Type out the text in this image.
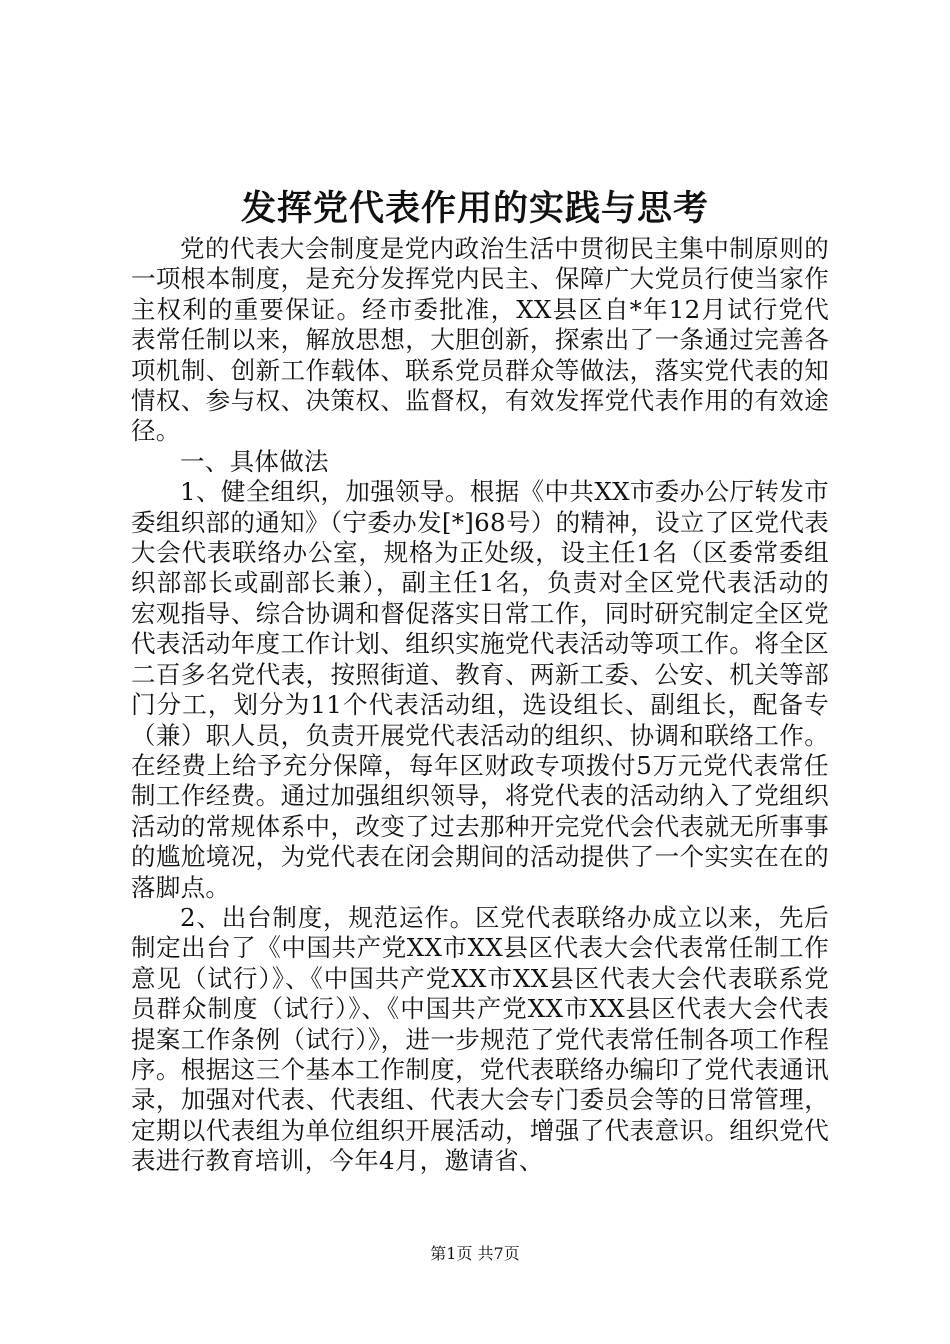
发挥党代表作用的实践与思考

党的代表大会制度是党内政治生活中贯彻民主集中制原则的一项根本制度，是充分发挥党内民主、保障广大党员行使当家作主权利的重要保证。经市委批准，XX县区自*年12月试行党代表常任制以来，解放思想，大胆创新，探索出了一条通过完善各项机制、创新工作载体、联系党员群众等做法，落实党代表的知情权、参与权、决策权、监督权，有效发挥党代表作用的有效途径。

一、具体做法

1、健全组织，加强领导。根据《中共XX市委办公厅转发市委组织部的通知》（宁委办发[*]68号）的精神，设立了区党代表大会代表联络办公室，规格为正处级，设主任1名（区委常委组织部部长或副部长兼），副主任1名，负责对全区党代表活动的宏观指导、综合协调和督促落实日常工作，同时研究制定全区党代表活动年度工作计划、组织实施党代表活动等项工作。将全区二百多名党代表，按照街道、教育、两新工委、公安、机关等部门分工，划分为11个代表活动组，选设组长、副组长，配备专（兼）职人员，负责开展党代表活动的组织、协调和联络工作。在经费上给予充分保障，每年区财政专项拨付5万元党代表常任制工作经费。通过加强组织领导，将党代表的活动纳入了党组织活动的常规体系中，改变了过去那种开完党代会代表就无所事事的尴尬境况，为党代表在闭会期间的活动提供了一个实实在在的落脚点。

2、出台制度，规范运作。区党代表联络办成立以来，先后制定出台了《中国共产党XX市XX县区代表大会代表常任制工作意见（试行）》、《中国共产党XX市XX县区代表大会代表联系党员群众制度（试行）》、《中国共产党XX市XX县区代表大会代表提案工作条例（试行）》，进一步规范了党代表常任制各项工作程序。根据这三个基本工作制度，党代表联络办编印了党代表通讯录，加强对代表、代表组、代表大会专门委员会等的日常管理，定期以代表组为单位组织开展活动，增强了代表意识。组织党代表进行教育培训，今年4月，邀请省、

第1页 共7页
